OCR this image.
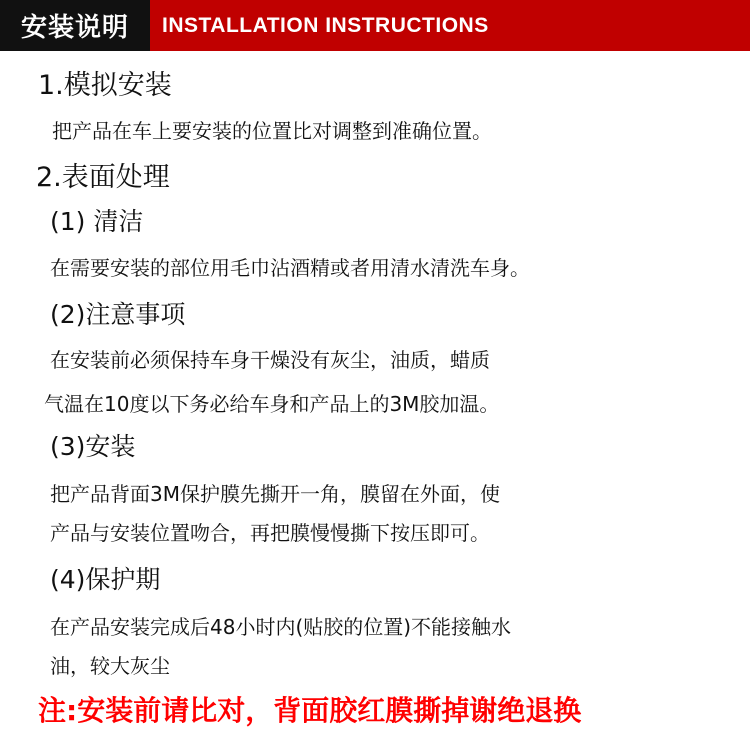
安装说明	INSTALLATION INSTRUCTIONS
1.模拟安装
把产品在车上要安装的位置比对调整到准确位置。
2.表面处理
(1) 清洁
在需要安装的部位用毛巾沾酒精或者用清水清洗车身。
(2)注意事项
在安装前必须保持车身干燥没有灰尘，油质，蜡质
气温在10度以下务必给车身和产品上的3M胶加温。
(3)安装
把产品背面3M保护膜先撕开一角，膜留在外面，使
产品与安装位置吻合，再把膜慢慢撕下按压即可。
(4)保护期
在产品安装完成后48小时内(贴胶的位置)不能接触水
油，较大灰尘
注:安装前请比对，背面胶红膜撕掉谢绝退换
